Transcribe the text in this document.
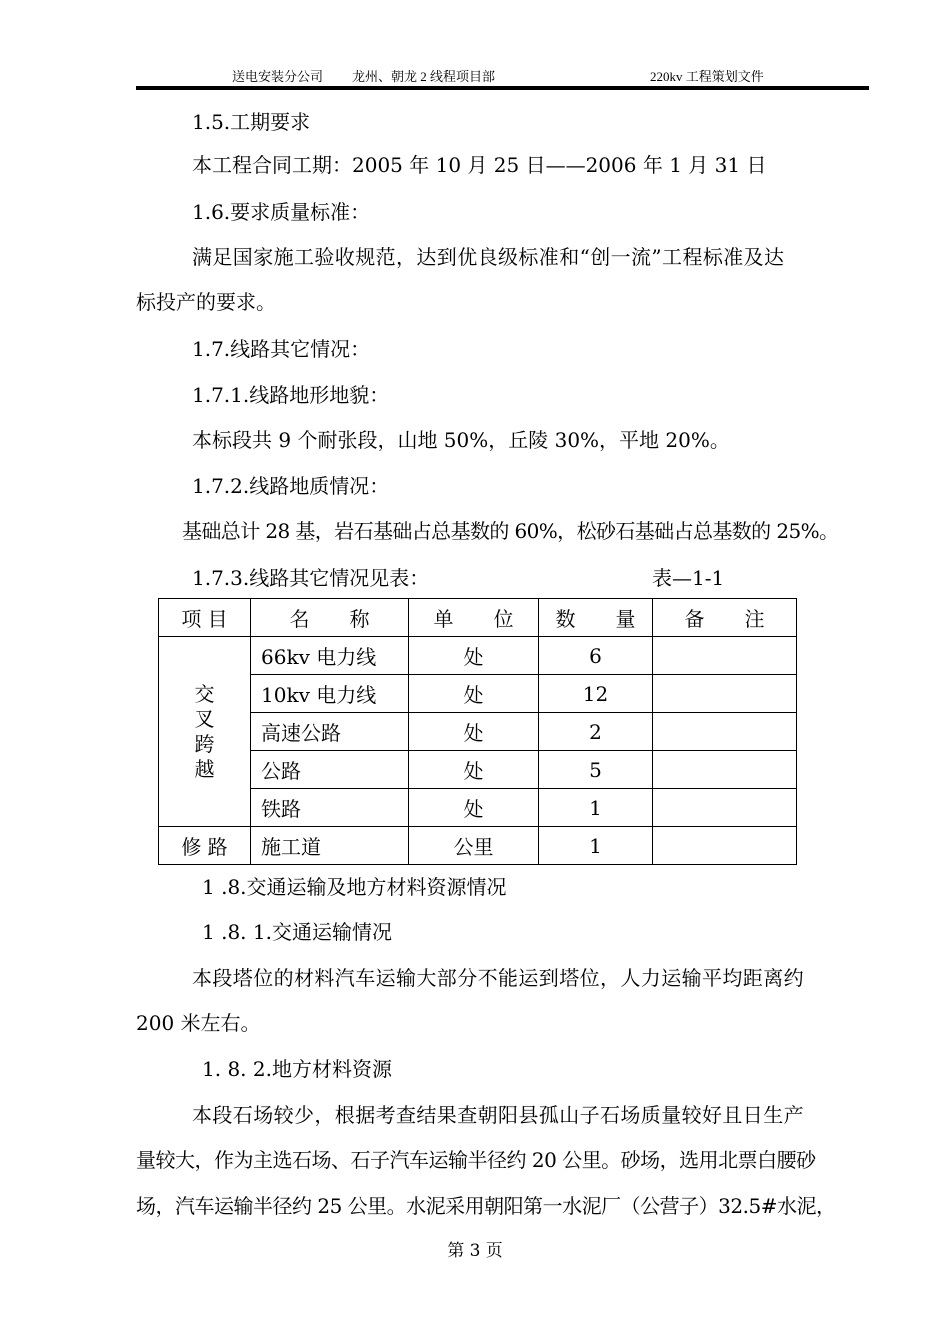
送电安装分公司 龙州、朝龙 2 线程项目部	220kv 工程策划文件
1.5.工期要求
本工程合同工期：2005 年 10 月 25 日——2006 年 1 月 31 日
1.6.要求质量标准：
满足国家施工验收规范，达到优良级标准和“创一流”工程标准及达
标投产的要求。
1.7.线路其它情况：
1.7.1.线路地形地貌：
本标段共 9 个耐张段，山地 50%，丘陵 30%，平地 20%。
1.7.2.线路地质情况：
基础总计 28 基，岩石基础占总基数的 60%，松砂石基础占总基数的 25%。
1.7.3.线路其它情况见表：	表—1-1
项 目	名　　称	单　　位	数　　量	备　　注

交
叉
跨
越	66kv 电力线	处	6	
	10kv 电力线	处	12	
	高速公路	处	2	
	公路	处	5	
	铁路	处	1	
修 路	施工道	公里	1	
1 .8.交通运输及地方材料资源情况
1 .8. 1.交通运输情况
本段塔位的材料汽车运输大部分不能运到塔位，人力运输平均距离约
200 米左右。
1. 8. 2.地方材料资源
本段石场较少，根据考查结果查朝阳县孤山子石场质量较好且日生产
量较大，作为主选石场、石子汽车运输半径约 20 公里。砂场，选用北票白腰砂
场，汽车运输半径约 25 公里。水泥采用朝阳第一水泥厂（公营子）32.5#水泥，
第 3 页
